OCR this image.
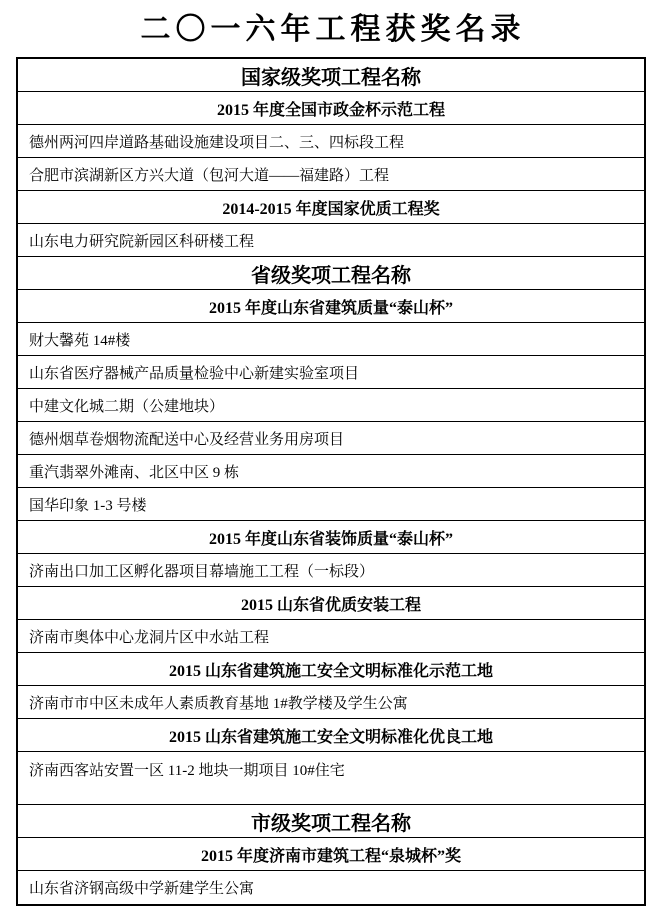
二〇一六年工程获奖名录
国家级奖项工程名称
2015 年度全国市政金杯示范工程
德州两河四岸道路基础设施建设项目二、三、四标段工程
合肥市滨湖新区方兴大道（包河大道——福建路）工程
2014-2015 年度国家优质工程奖
山东电力研究院新园区科研楼工程
省级奖项工程名称
2015 年度山东省建筑质量“泰山杯”
财大馨苑 14#楼
山东省医疗器械产品质量检验中心新建实验室项目
中建文化城二期（公建地块）
德州烟草卷烟物流配送中心及经营业务用房项目
重汽翡翠外滩南、北区中区 9 栋
国华印象 1-3 号楼
2015 年度山东省装饰质量“泰山杯”
济南出口加工区孵化器项目幕墙施工工程（一标段）
2015 山东省优质安装工程
济南市奥体中心龙洞片区中水站工程
2015 山东省建筑施工安全文明标准化示范工地
济南市市中区未成年人素质教育基地 1#教学楼及学生公寓
2015 山东省建筑施工安全文明标准化优良工地
济南西客站安置一区 11-2 地块一期项目 10#住宅
市级奖项工程名称
2015 年度济南市建筑工程“泉城杯”奖
山东省济钢高级中学新建学生公寓
